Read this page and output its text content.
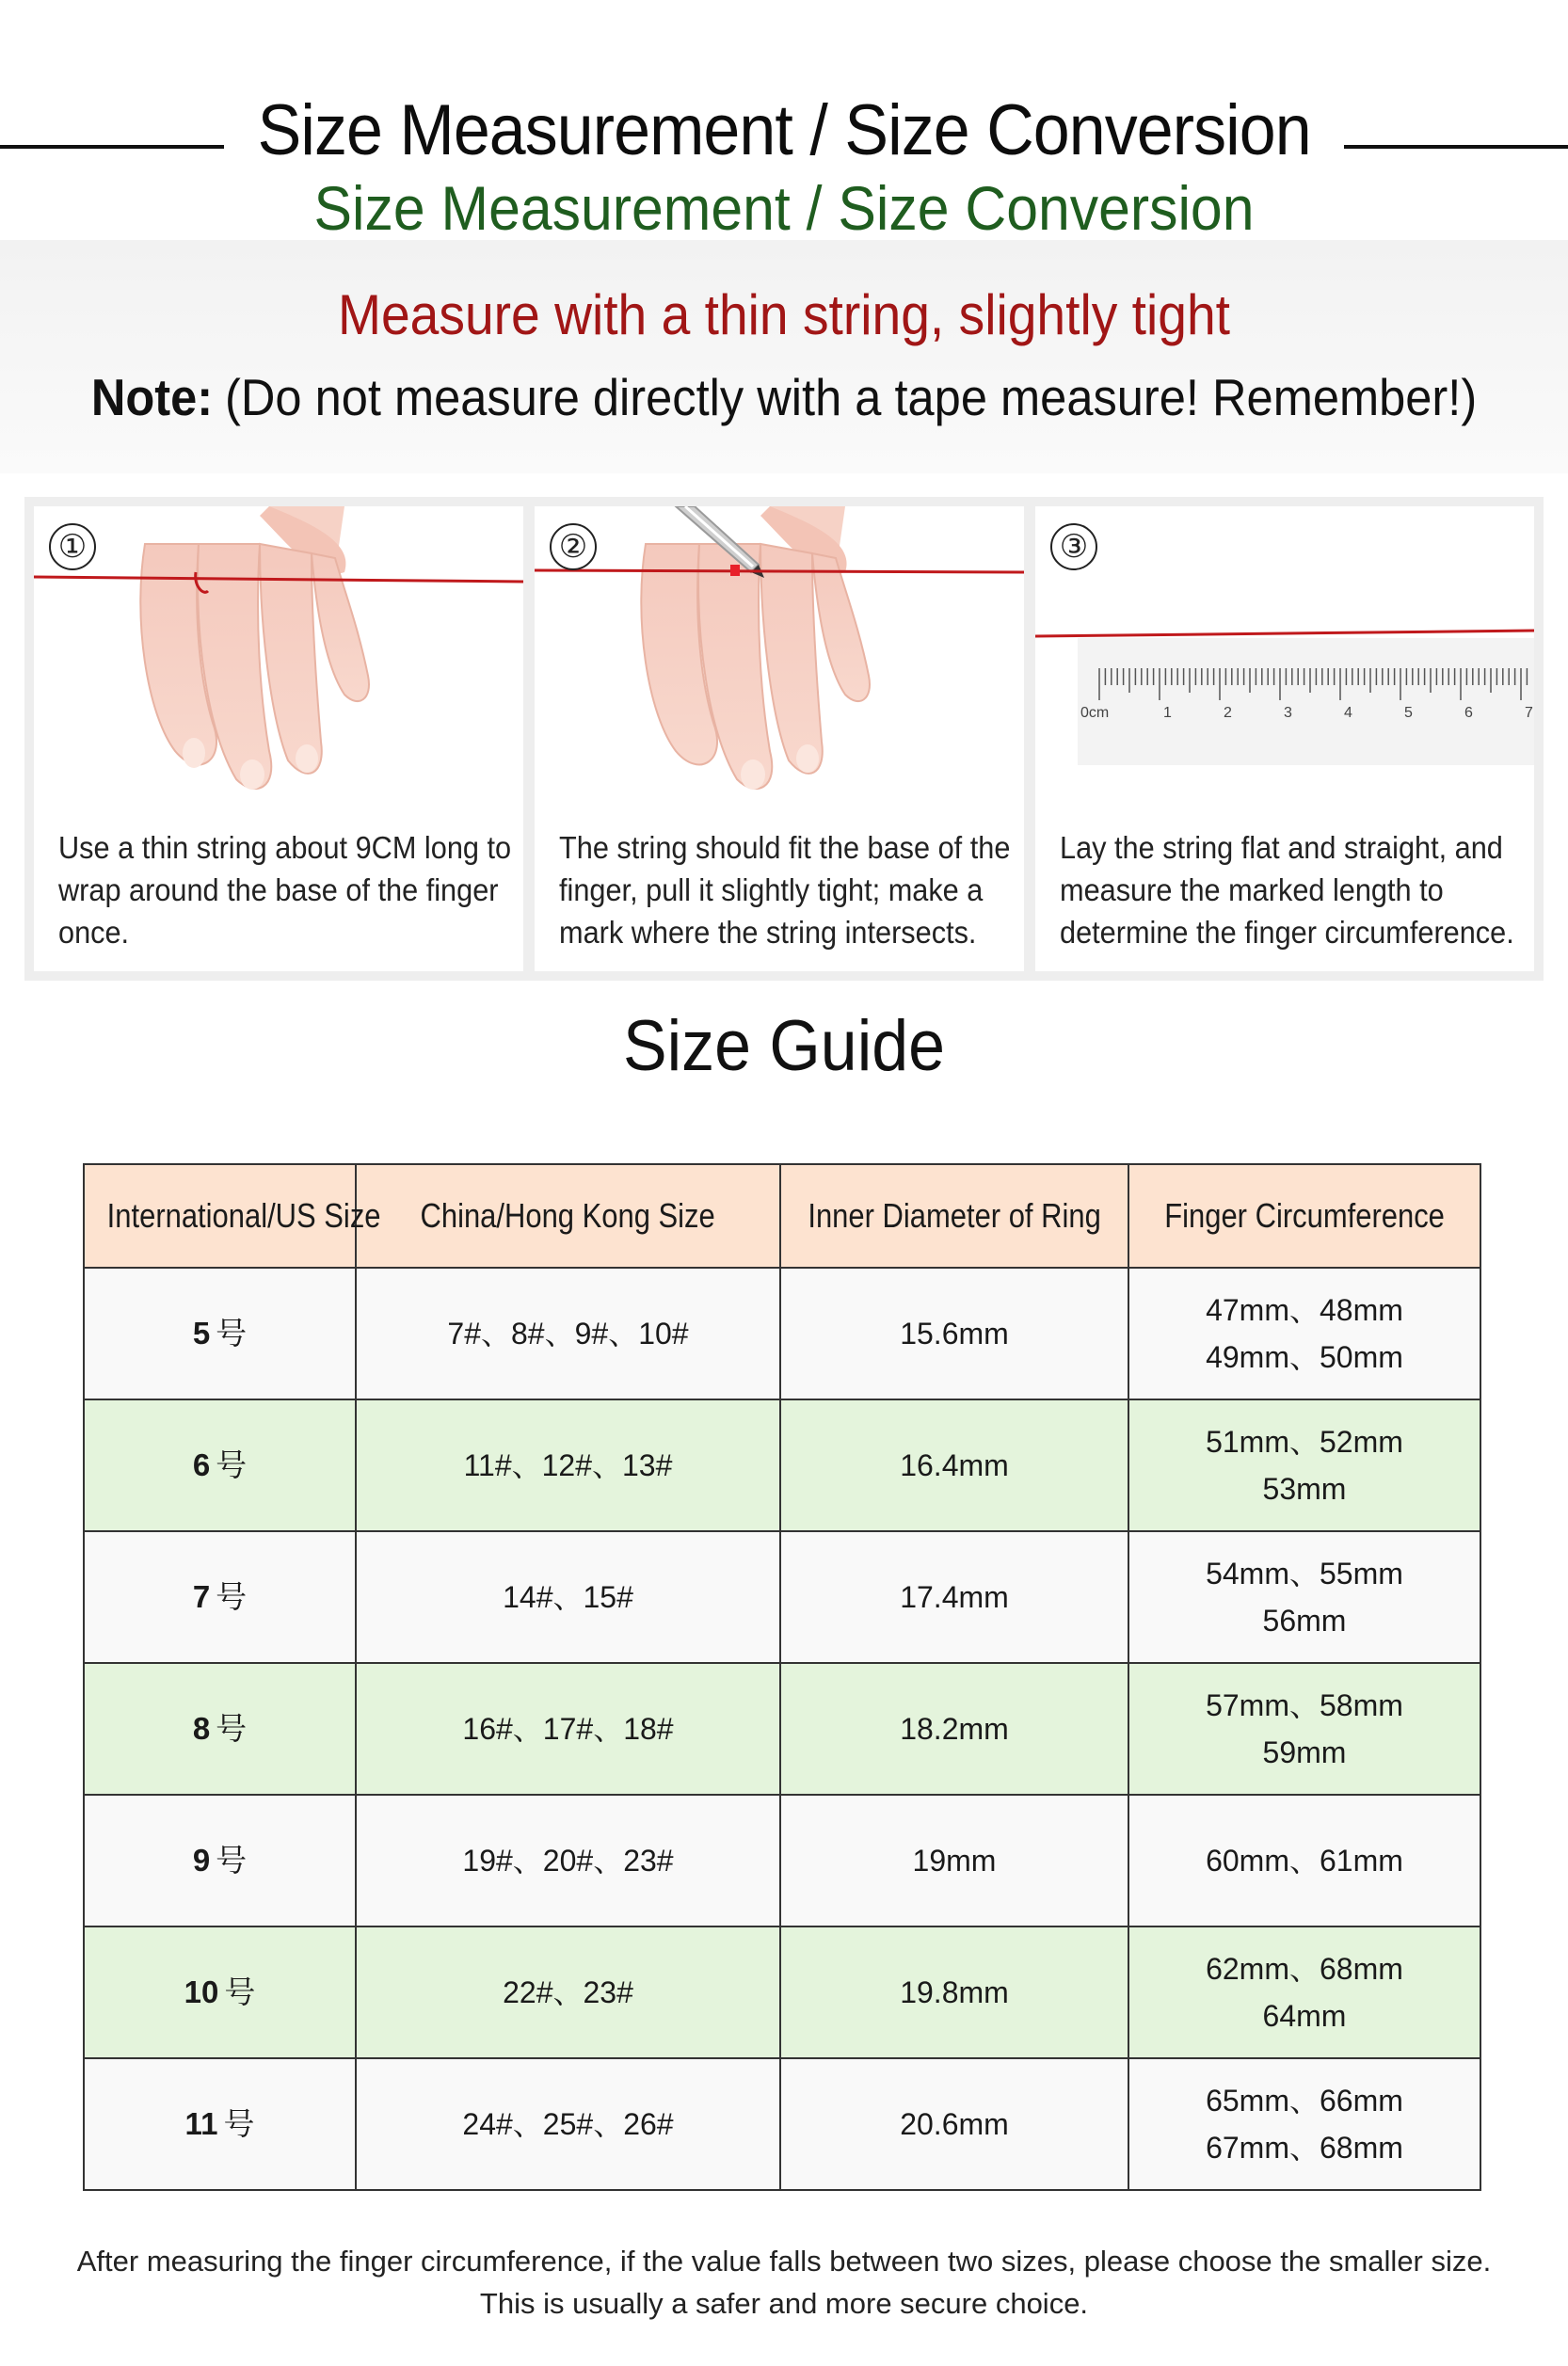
Size Measurement / Size Conversion
Size Measurement / Size Conversion
Measure with a thin string, slightly tight
Note: (Do not measure directly with a tape measure! Remember!)
①
Use a thin string about 9CM long to wrap around the base of the finger once.
②
The string should fit the base of the finger, pull it slightly tight; make a mark where the string intersects.
0cm	1	2	3	4	5	6	7
③
Lay the string flat and straight, and measure the marked length to determine the finger circumference.
Size Guide
International/US Size	China/Hong Kong Size	Inner Diameter of Ring	Finger Circumference
5 号	7#、8#、9#、10#	15.6mm	47mm、48mm
49mm、50mm

6 号	11#、12#、13#	16.4mm	51mm、52mm
53mm

7 号	14#、15#	17.4mm	54mm、55mm
56mm

8 号	16#、17#、18#	18.2mm	57mm、58mm
59mm

9 号	19#、20#、23#	19mm	60mm、61mm

10 号	22#、23#	19.8mm	62mm、68mm
64mm

11 号	24#、25#、26#	20.6mm	65mm、66mm
67mm、68mm
After measuring the finger circumference, if the value falls between two sizes, please choose the smaller size.
This is usually a safer and more secure choice.
